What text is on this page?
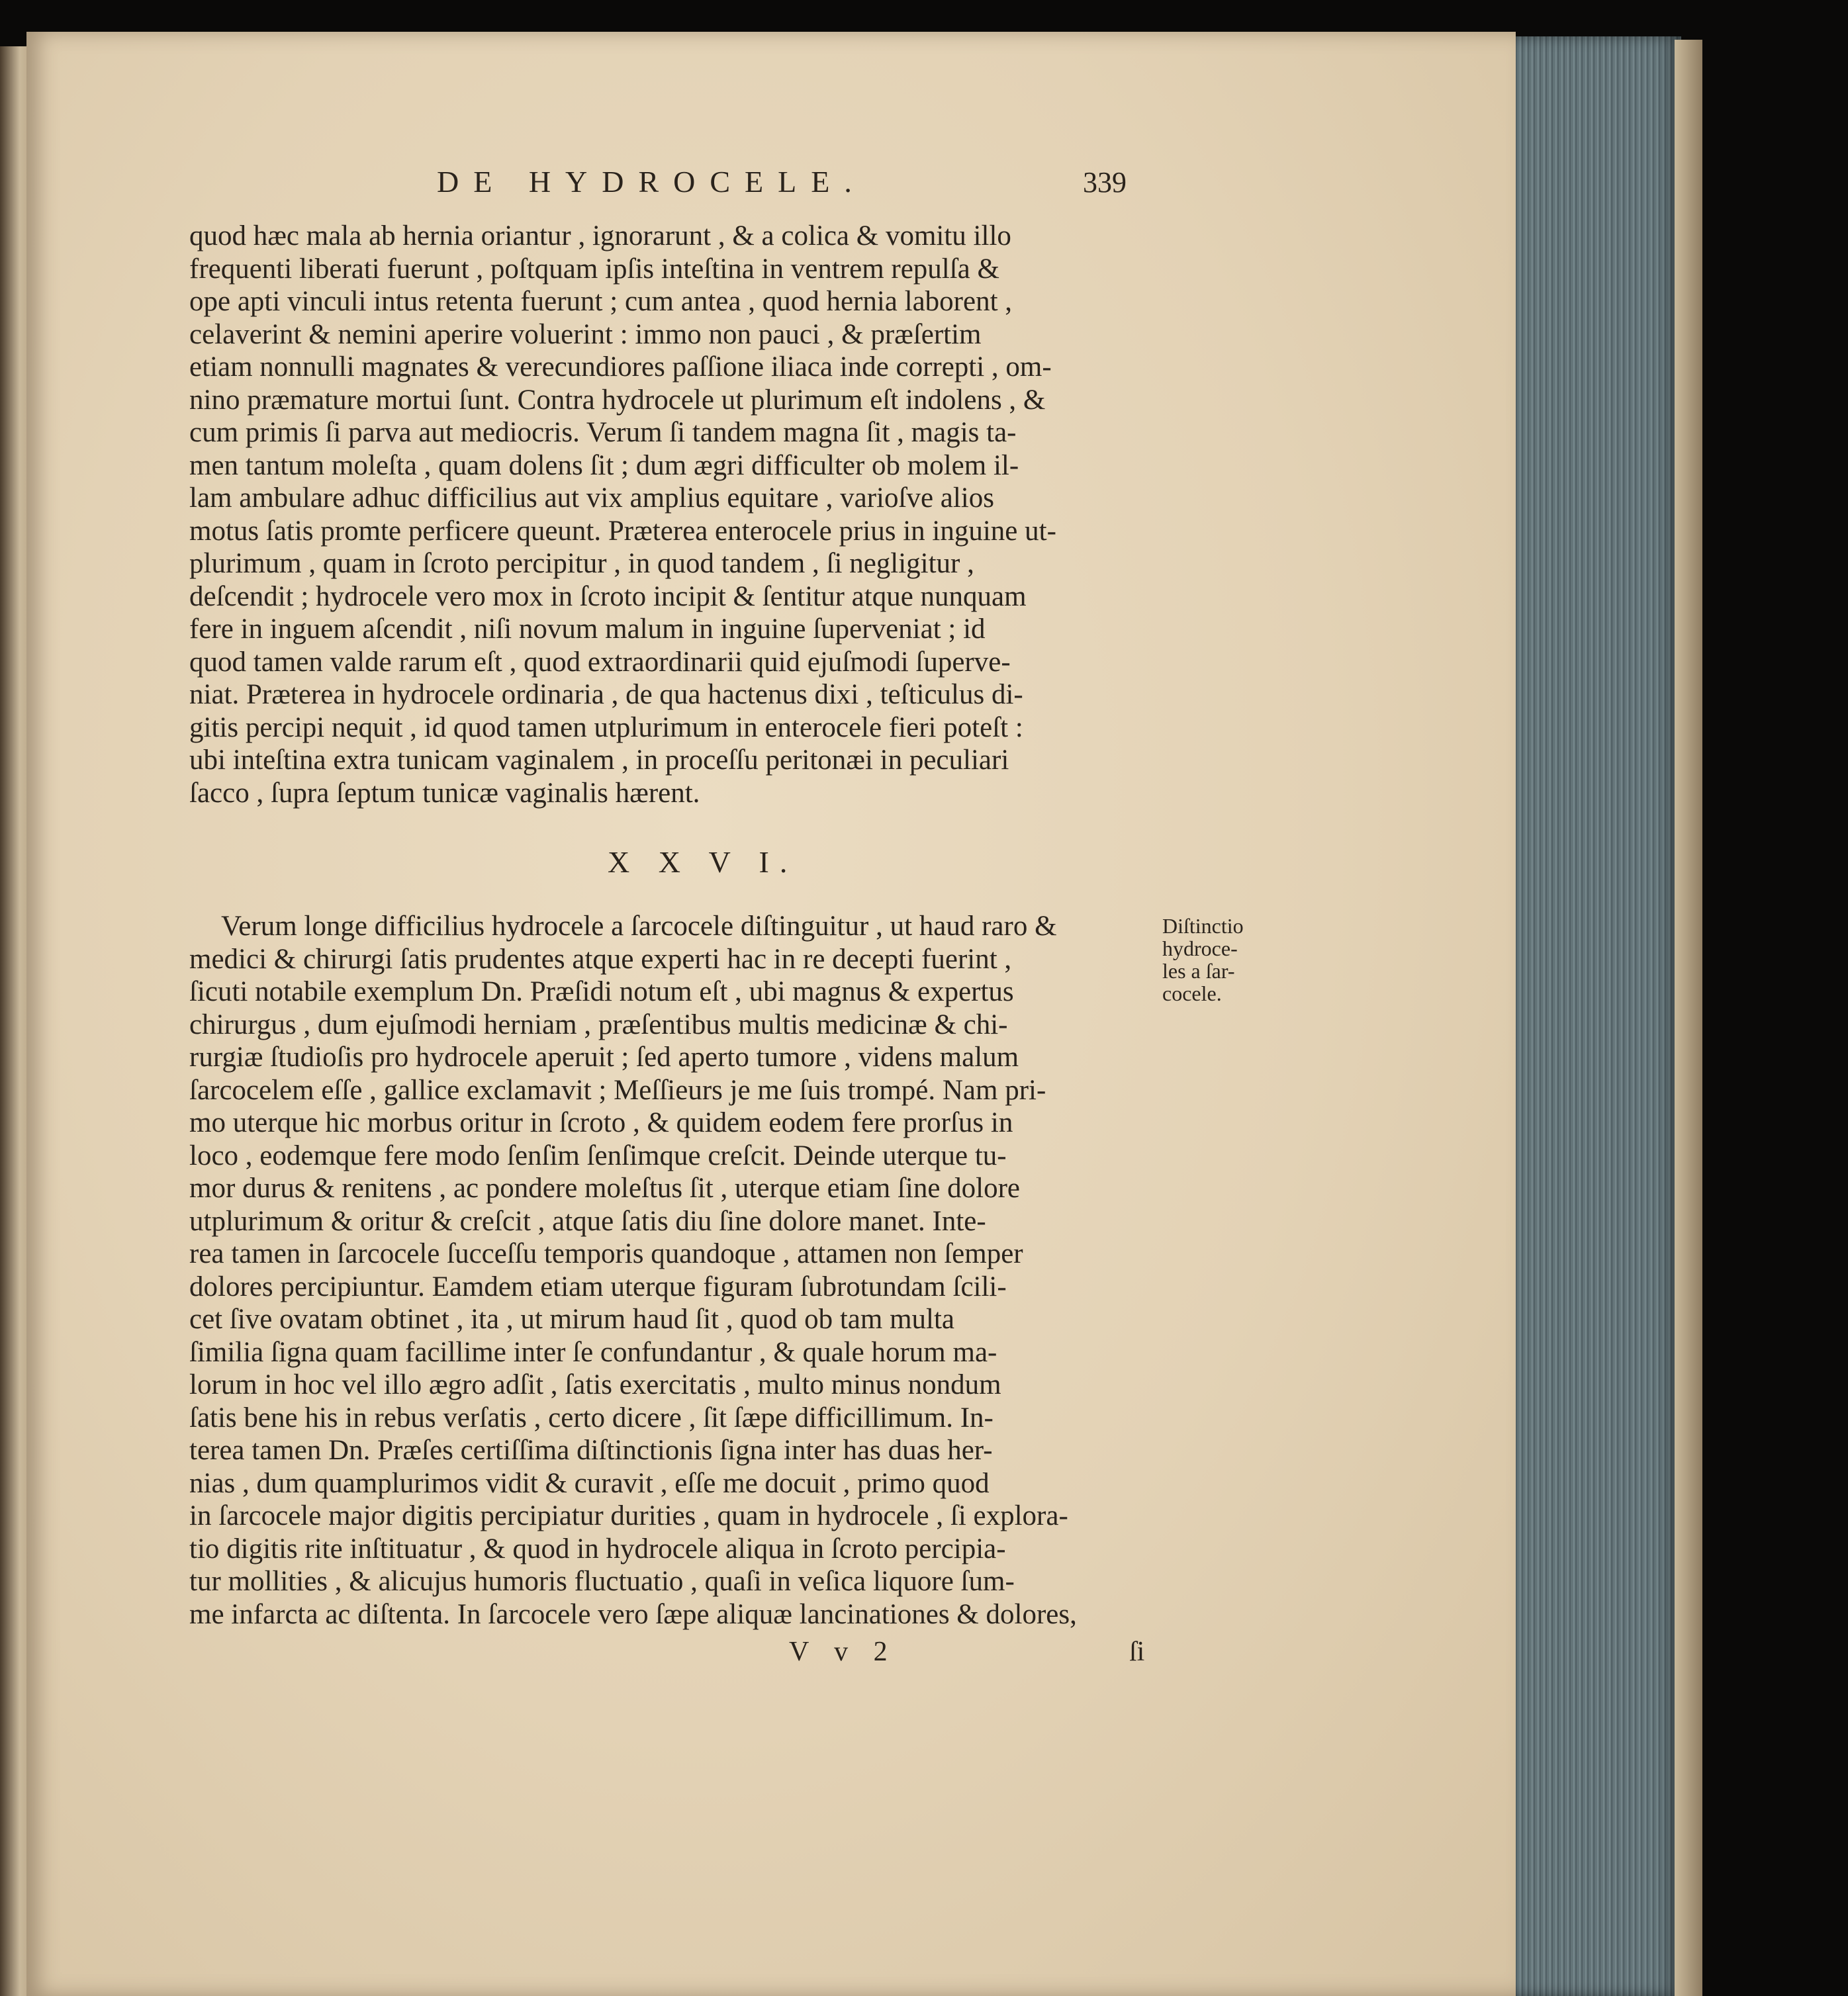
DE HYDROCELE.	339
quod hæc mala ab hernia oriantur , ignorarunt , & a colica & vomitu illo
frequenti liberati fuerunt , poſtquam ipſis inteſtina in ventrem repulſa &
ope apti vinculi intus retenta fuerunt ; cum antea , quod hernia laborent ,
celaverint & nemini aperire voluerint : immo non pauci , & præſertim
etiam nonnulli magnates & verecundiores paſſione iliaca inde correpti , om-
nino præmature mortui ſunt. Contra hydrocele ut plurimum eſt indolens , &
cum primis ſi parva aut mediocris. Verum ſi tandem magna ſit , magis ta-
men tantum moleſta , quam dolens ſit ; dum ægri difficulter ob molem il-
lam ambulare adhuc difficilius aut vix amplius equitare , varioſve alios
motus ſatis promte perficere queunt. Præterea enterocele prius in inguine ut-
plurimum , quam in ſcroto percipitur , in quod tandem , ſi negligitur ,
deſcendit ; hydrocele vero mox in ſcroto incipit & ſentitur atque nunquam
fere in inguem aſcendit , niſi novum malum in inguine ſuperveniat ; id
quod tamen valde rarum eſt , quod extraordinarii quid ejuſmodi ſuperve-
niat. Præterea in hydrocele ordinaria , de qua hactenus dixi , teſticulus di-
gitis percipi nequit , id quod tamen utplurimum in enterocele fieri poteſt :
ubi inteſtina extra tunicam vaginalem , in proceſſu peritonæi in peculiari
ſacco , ſupra ſeptum tunicæ vaginalis hærent.
X X V I.
Diſtinctio
hydroce-
les a ſar-
cocele.
Verum longe difficilius hydrocele a ſarcocele diſtinguitur , ut haud raro &
medici & chirurgi ſatis prudentes atque experti hac in re decepti fuerint ,
ſicuti notabile exemplum Dn. Præſidi notum eſt , ubi magnus & expertus
chirurgus , dum ejuſmodi herniam , præſentibus multis medicinæ & chi-
rurgiæ ſtudioſis pro hydrocele aperuit ; ſed aperto tumore , videns malum
ſarcocelem eſſe , gallice exclamavit ; Meſſieurs je me ſuis trompé. Nam pri-
mo uterque hic morbus oritur in ſcroto , & quidem eodem fere prorſus in
loco , eodemque fere modo ſenſim ſenſimque creſcit. Deinde uterque tu-
mor durus & renitens , ac pondere moleſtus ſit , uterque etiam ſine dolore
utplurimum & oritur & creſcit , atque ſatis diu ſine dolore manet. Inte-
rea tamen in ſarcocele ſucceſſu temporis quandoque , attamen non ſemper
dolores percipiuntur. Eamdem etiam uterque figuram ſubrotundam ſcili-
cet ſive ovatam obtinet , ita , ut mirum haud ſit , quod ob tam multa
ſimilia ſigna quam facillime inter ſe confundantur , & quale horum ma-
lorum in hoc vel illo ægro adſit , ſatis exercitatis , multo minus nondum
ſatis bene his in rebus verſatis , certo dicere , ſit ſæpe difficillimum. In-
terea tamen Dn. Præſes certiſſima diſtinctionis ſigna inter has duas her-
nias , dum quamplurimos vidit & curavit , eſſe me docuit , primo quod
in ſarcocele major digitis percipiatur durities , quam in hydrocele , ſi explora-
tio digitis rite inſtituatur , & quod in hydrocele aliqua in ſcroto percipia-
tur mollities , & alicujus humoris fluctuatio , quaſi in veſica liquore ſum-
me infarcta ac diſtenta. In ſarcocele vero ſæpe aliquæ lancinationes & dolores,
V v 2	ſi
